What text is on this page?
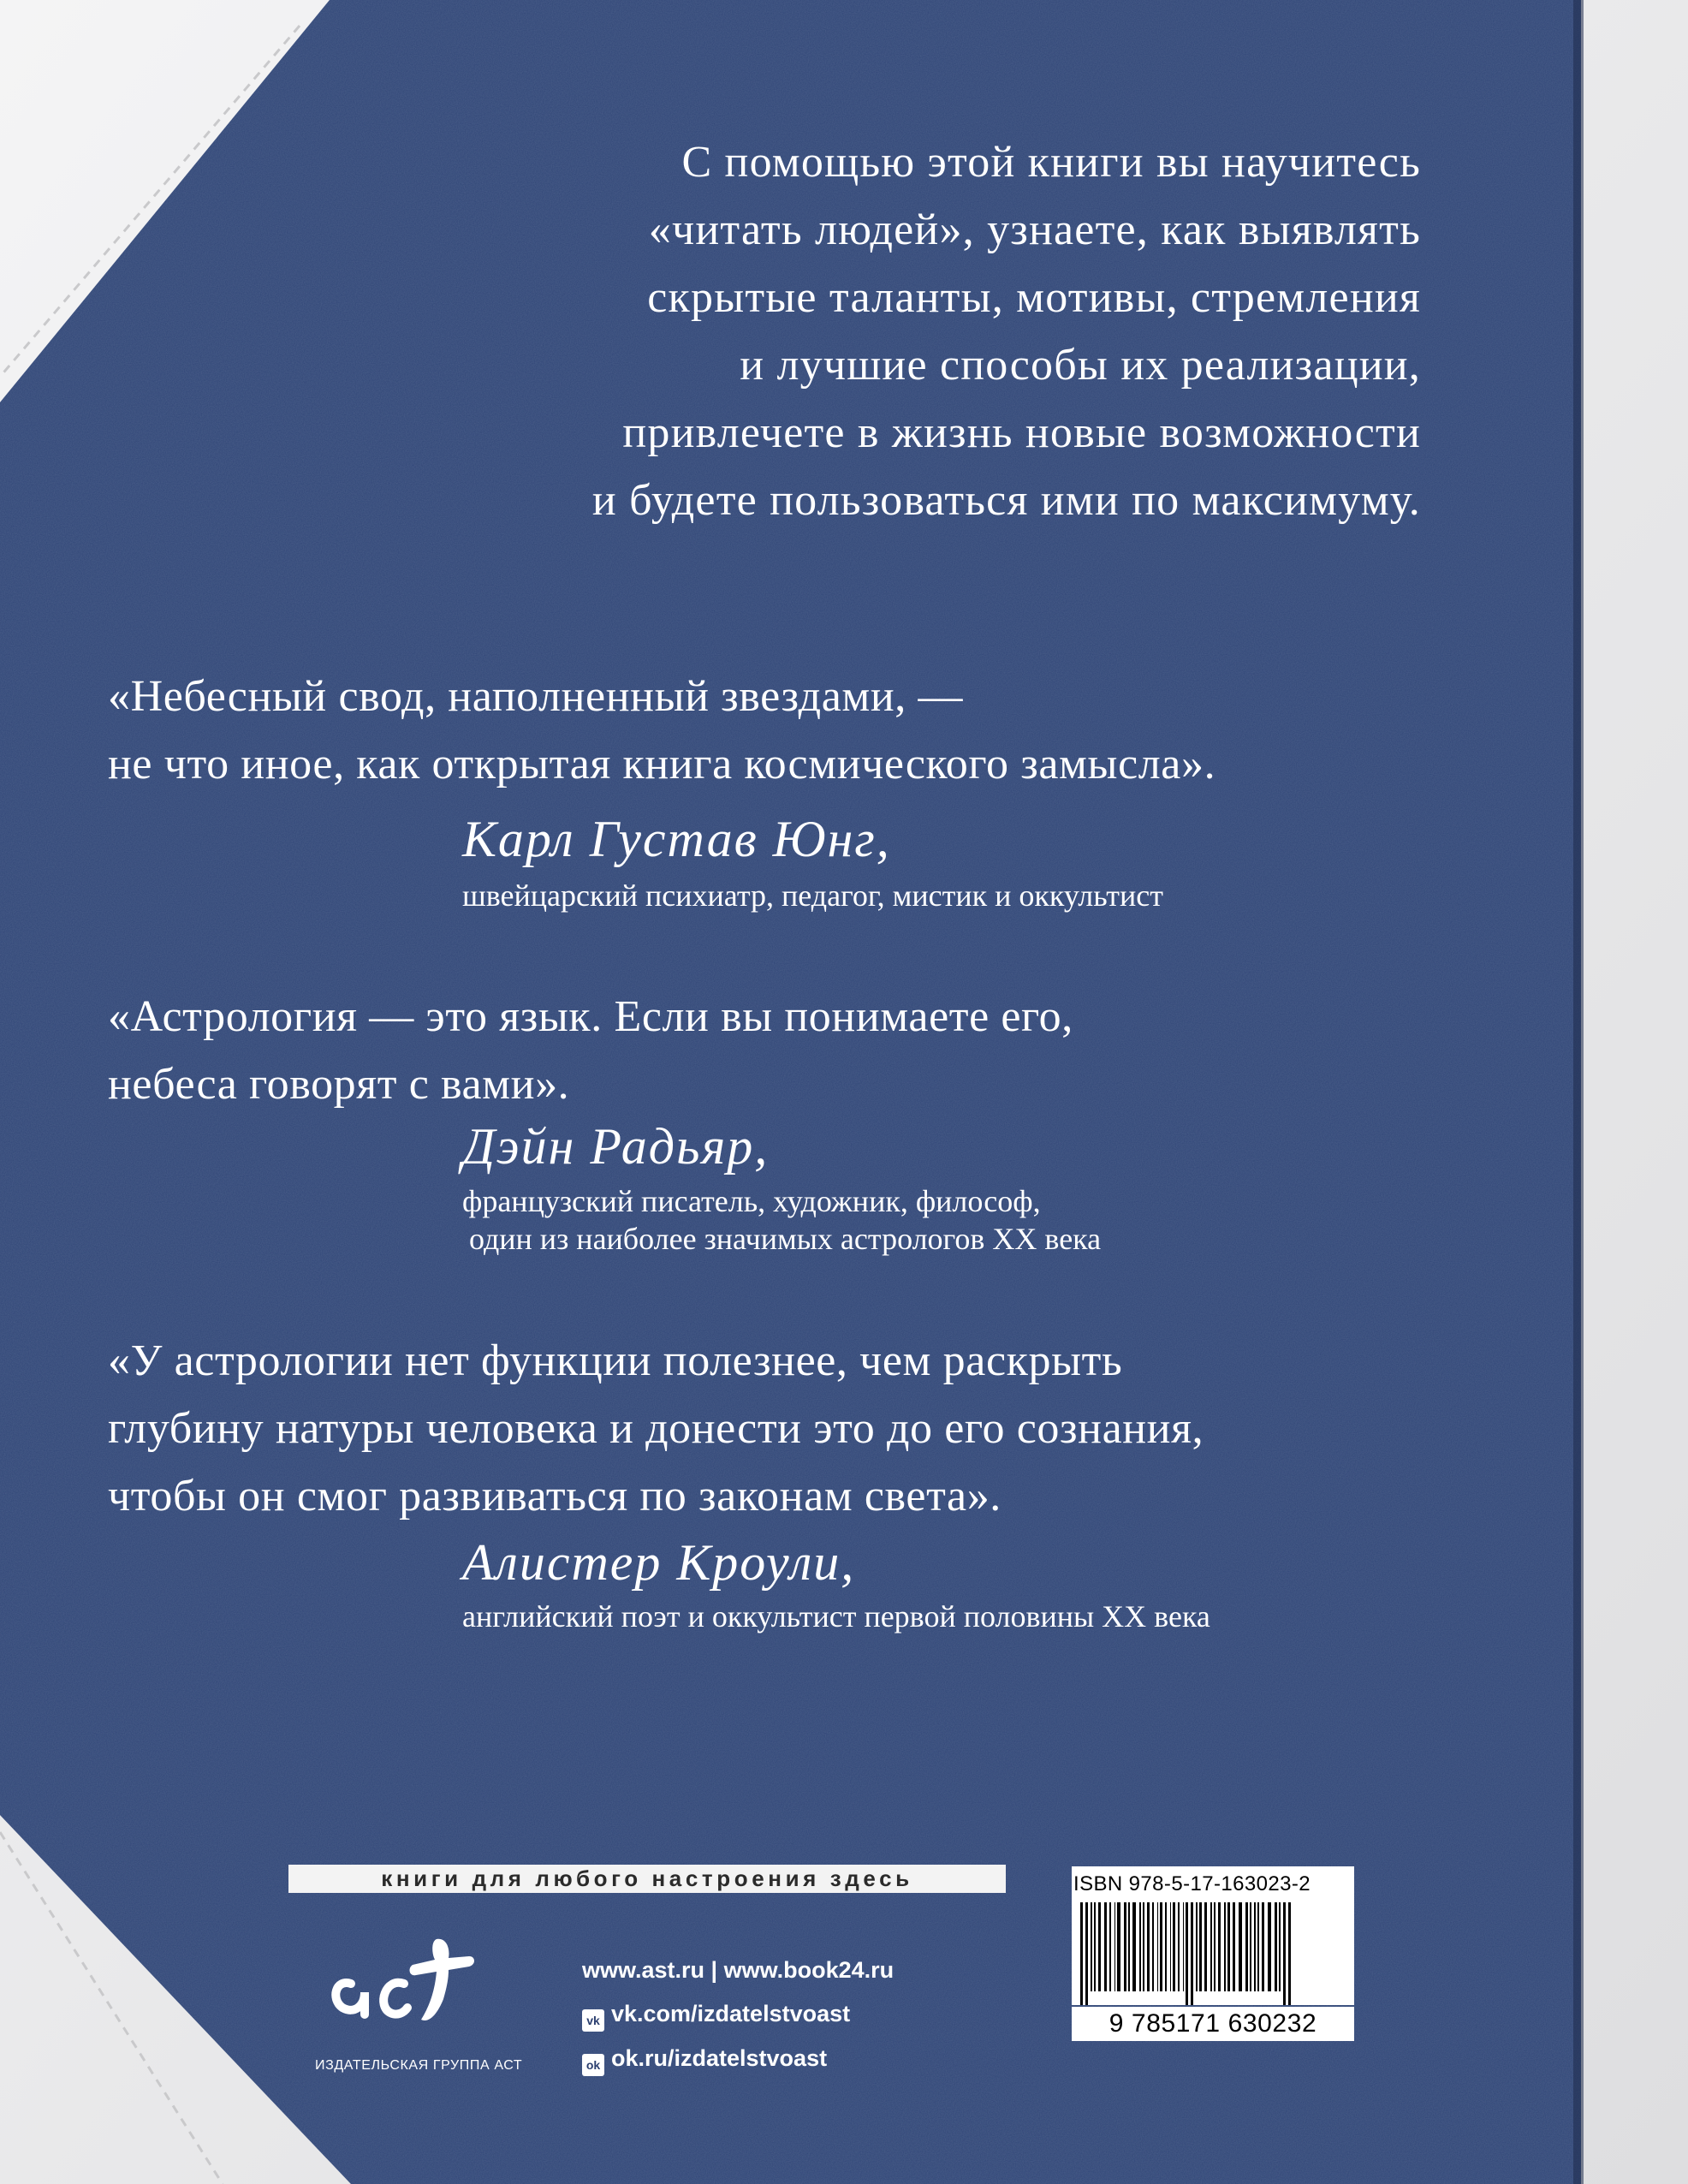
С помощью этой книги вы научитесь
«читать людей», узнаете, как выявлять
скрытые таланты, мотивы, стремления
и лучшие способы их реализации,
привлечете в жизнь новые возможности
и будете пользоваться ими по максимуму.
«Небесный свод, наполненный звездами, —
не что иное, как открытая книга космического замысла».
Карл Густав Юнг,
швейцарский психиатр, педагог, мистик и оккультист
«Астрология — это язык. Если вы понимаете его,
небеса говорят с вами».
Дэйн Радьяр,
французский писатель, художник, философ,
один из наиболее значимых астрологов XX века
«У астрологии нет функции полезнее, чем раскрыть
глубину натуры человека и донести это до его сознания,
чтобы он смог развиваться по законам света».
Алистер Кроули,
английский поэт и оккультист первой половины XX века
книги для любого настроения здесь
ИЗДАТЕЛЬСКАЯ ГРУППА АСТ
www.ast.ru | www.book24.ru
vk vk.com/izdatelstvoast
ok ok.ru/izdatelstvoast
ISBN 978-5-17-163023-2
9 785171 630232
